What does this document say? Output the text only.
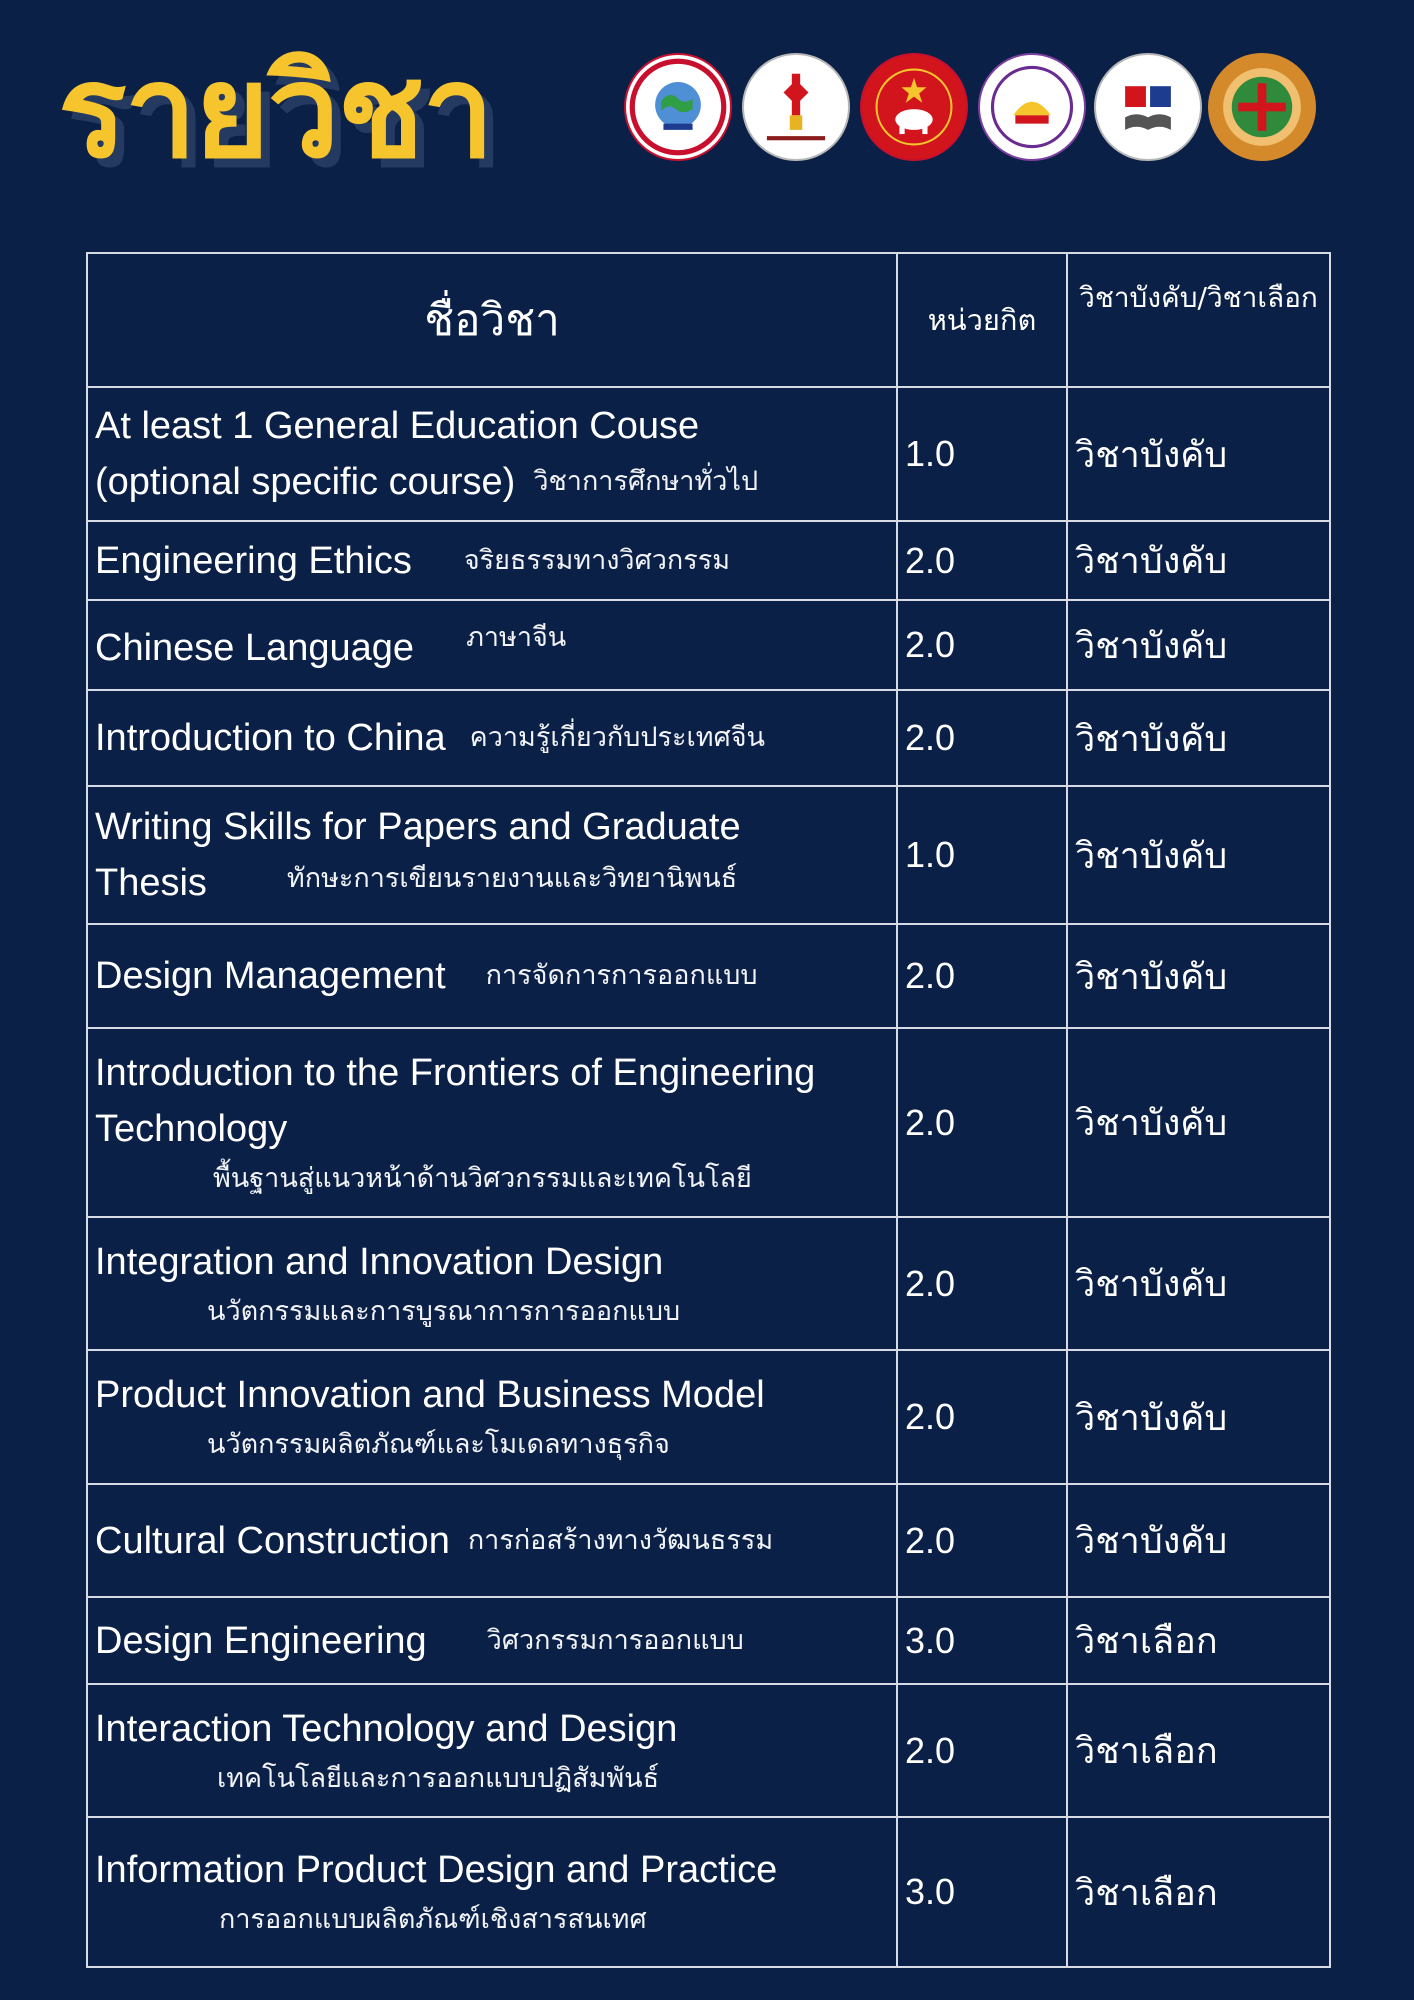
รายวิชา
ชื่อวิชา	หน่วยกิต	วิชาบังคับ/วิชาเลือก

At least 1 General Education Couse
(optional specific course) วิชาการศึกษาทั่วไป	1.0	วิชาบังคับ
Engineering Ethics จริยธรรมทางวิศวกรรม	2.0	วิชาบังคับ
Chinese Language ภาษาจีน	2.0	วิชาบังคับ
Introduction to China ความรู้เกี่ยวกับประเทศจีน	2.0	วิชาบังคับ

Writing Skills for Papers and Graduate
Thesis ทักษะการเขียนรายงานและวิทยานิพนธ์	1.0	วิชาบังคับ
Design Management การจัดการการออกแบบ	2.0	วิชาบังคับ

Introduction to the Frontiers of Engineering
Technology
พื้นฐานสู่แนวหน้าด้านวิศวกรรมและเทคโนโลยี	2.0	วิชาบังคับ

Integration and Innovation Design
นวัตกรรมและการบูรณาการการออกแบบ	2.0	วิชาบังคับ

Product Innovation and Business Model
นวัตกรรมผลิตภัณฑ์และโมเดลทางธุรกิจ	2.0	วิชาบังคับ
Cultural Construction การก่อสร้างทางวัฒนธรรม	2.0	วิชาบังคับ
Design Engineering วิศวกรรมการออกแบบ	3.0	วิชาเลือก

Interaction Technology and Design
เทคโนโลยีและการออกแบบปฏิสัมพันธ์	2.0	วิชาเลือก

Information Product Design and Practice
การออกแบบผลิตภัณฑ์เชิงสารสนเทศ	3.0	วิชาเลือก
